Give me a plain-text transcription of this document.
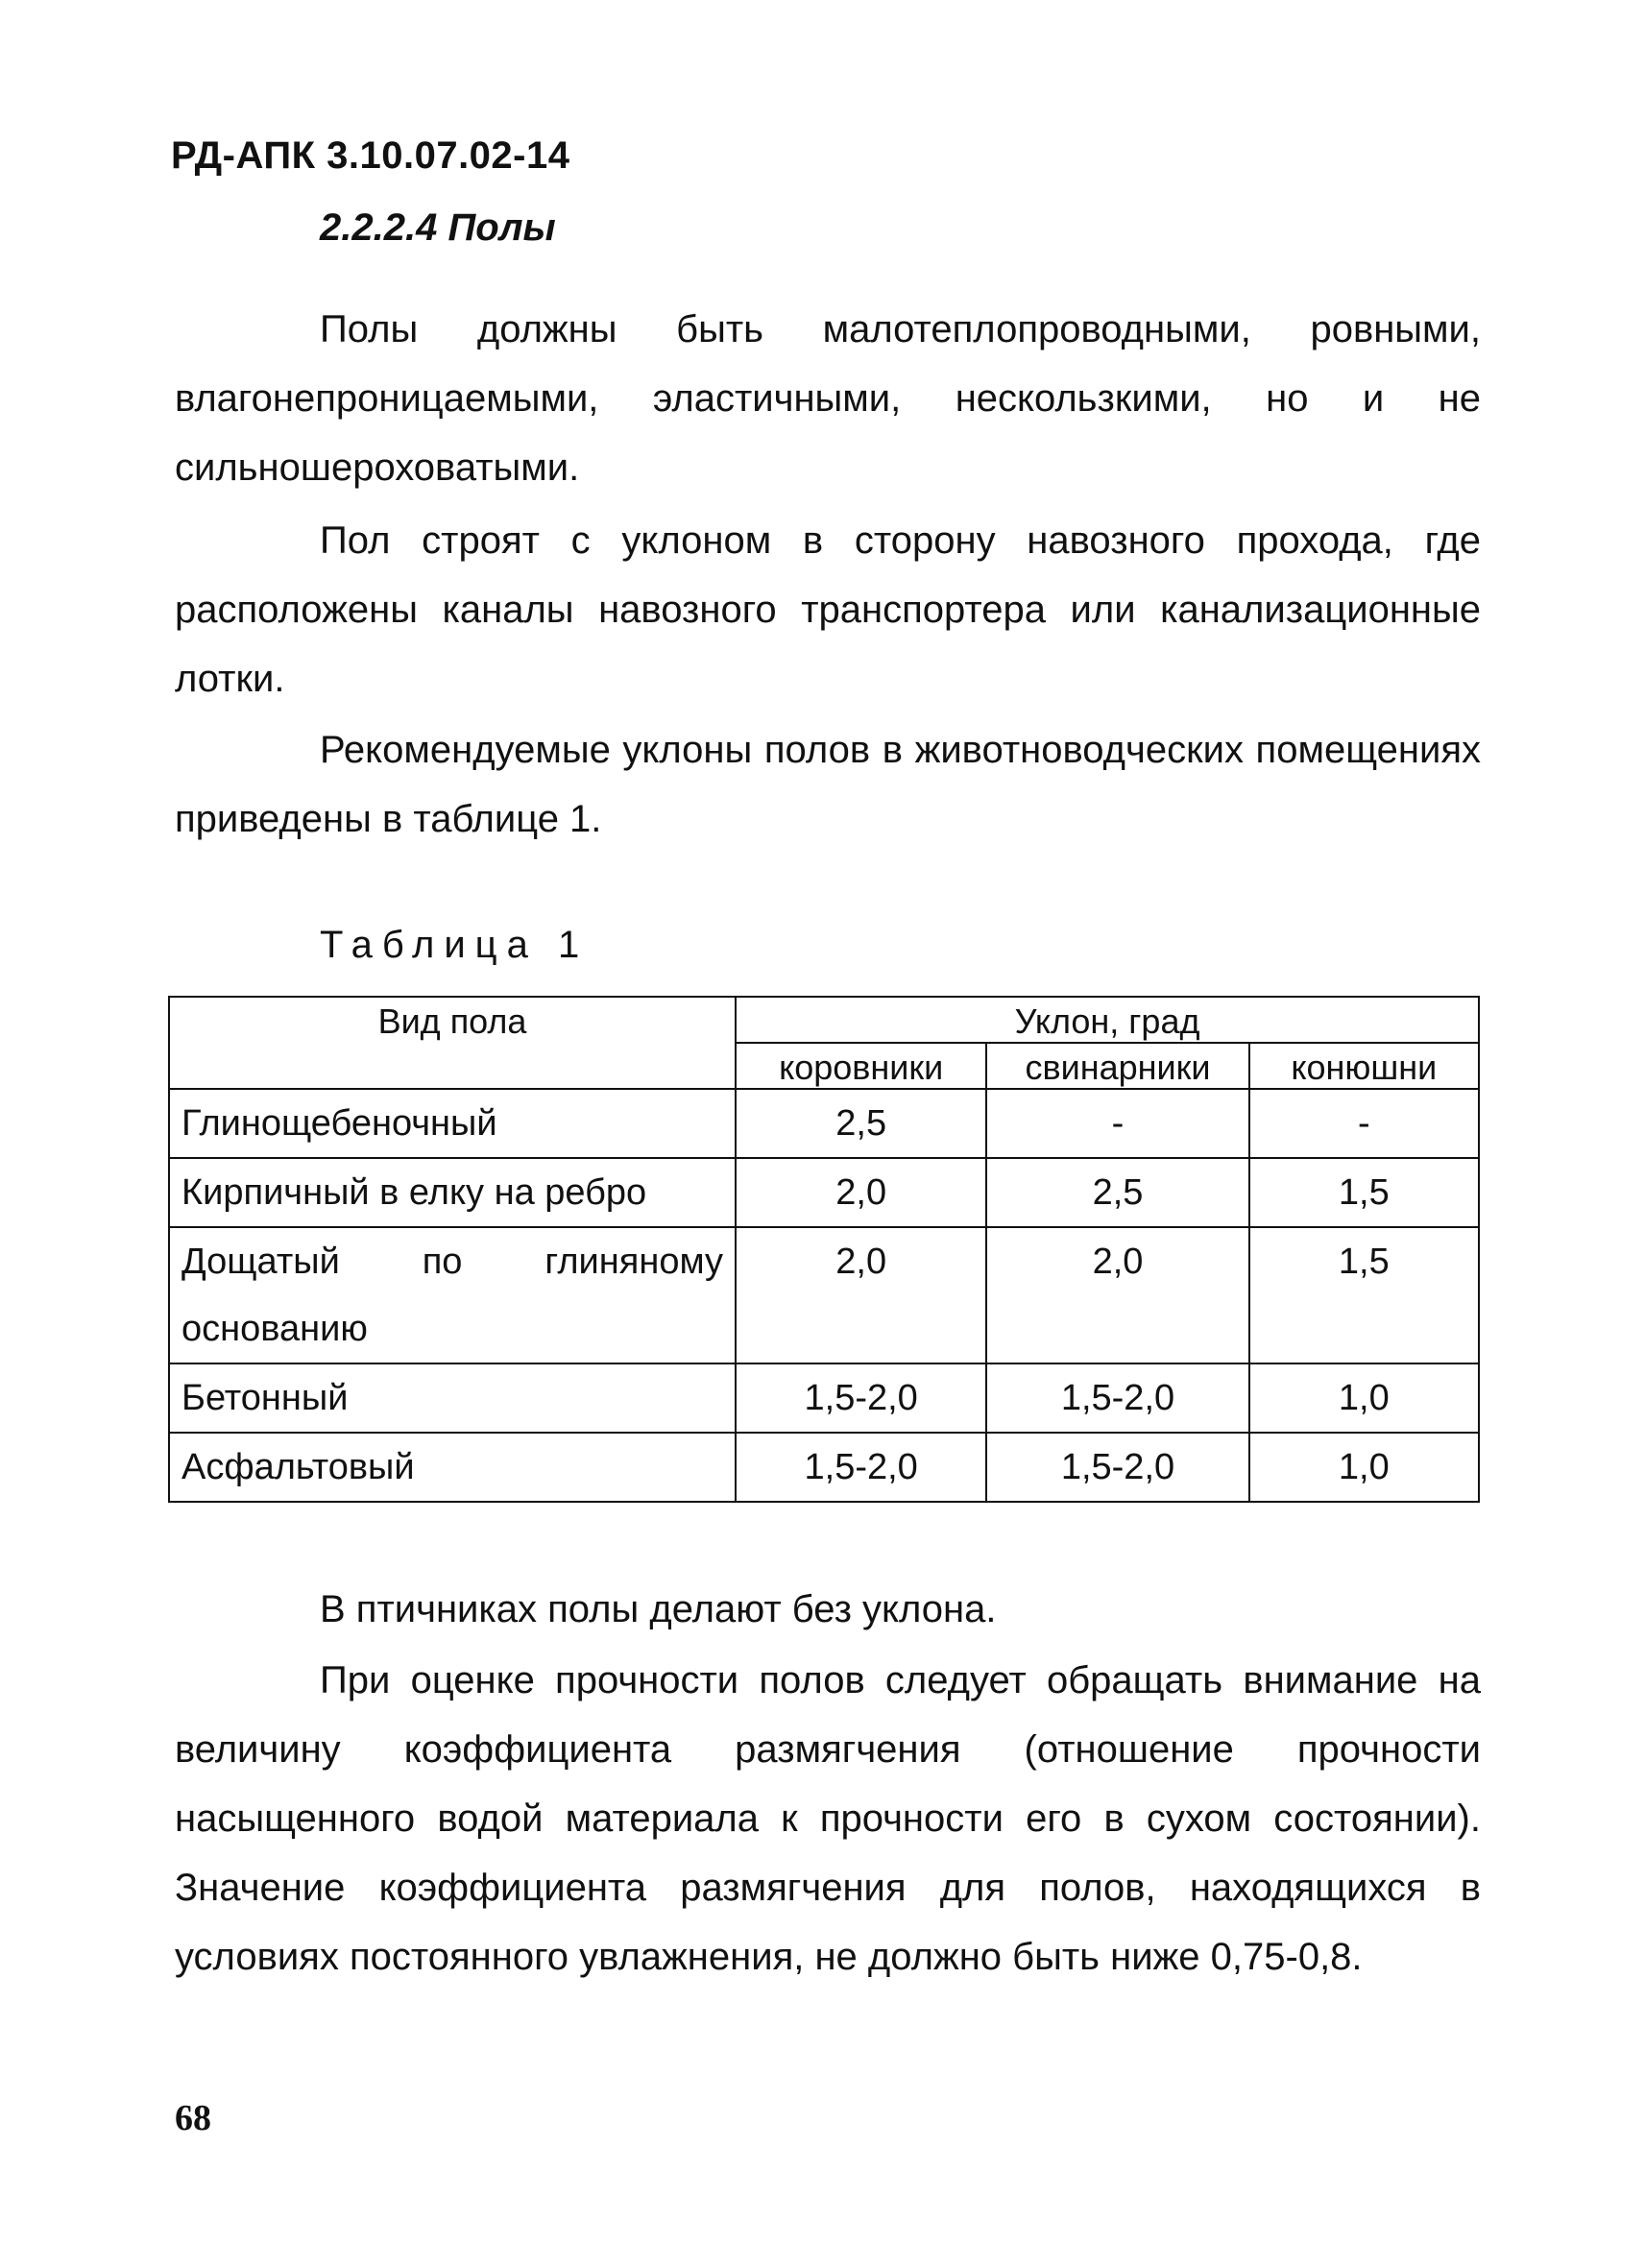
РД-АПК 3.10.07.02-14
2.2.2.4 Полы

Полы должны быть малотеплопроводными, ровными, влагонепроницаемыми, эластичными, нескользкими, но и не сильношероховатыми.

Пол строят с уклоном в сторону навозного прохода, где расположены каналы навозного транспортера или канализационные лотки.

Рекомендуемые уклоны полов в животноводческих помещениях приведены в таблице 1.

Таблица 1
Вид пола	Уклон, град		
	коровники	свинарники	конюшни
Глинощебеночный	2,5	-	-
Кирпичный в елку на ребро	2,0	2,5	1,5

Дощатый по глиняному
основанию	2,0	2,0	1,5
Бетонный	1,5-2,0	1,5-2,0	1,0
Асфальтовый	1,5-2,0	1,5-2,0	1,0

В птичниках полы делают без уклона.

При оценке прочности полов следует обращать внимание на величину коэффициента размягчения (отношение прочности насыщенного водой материала к прочности его в сухом состоянии). Значение коэффициента размягчения для полов, находящихся в условиях постоянного увлажнения, не должно быть ниже 0,75-0,8.

68
